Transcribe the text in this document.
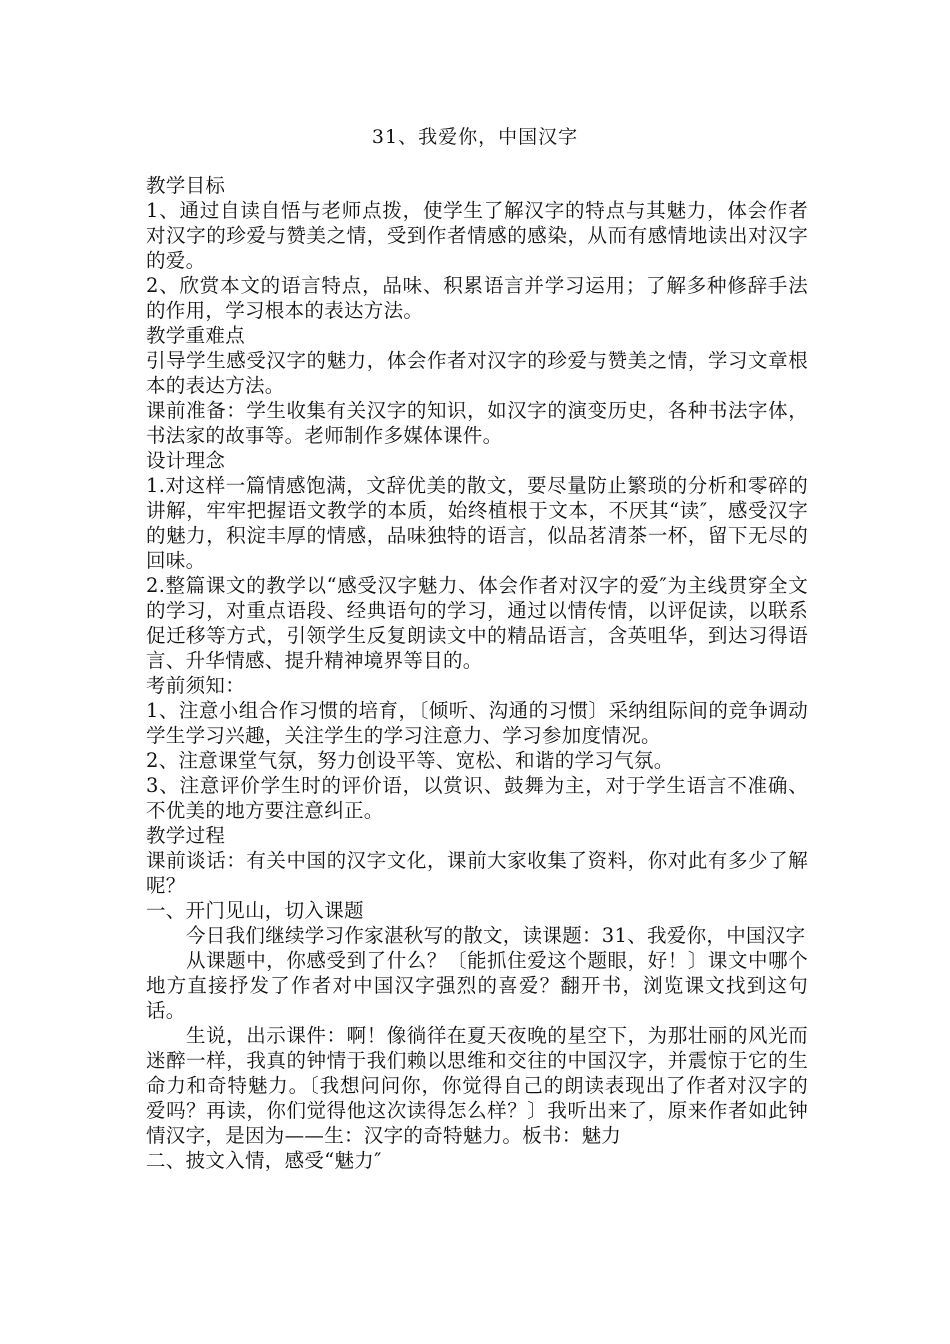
31、我爱你，中国汉字

教学目标

1、通过自读自悟与老师点拨，使学生了解汉字的特点与其魅力，体会作者对汉字的珍爱与赞美之情，受到作者情感的感染，从而有感情地读出对汉字的爱。

2、欣赏本文的语言特点，品味、积累语言并学习运用；了解多种修辞手法的作用，学习根本的表达方法。

教学重难点

引导学生感受汉字的魅力，体会作者对汉字的珍爱与赞美之情，学习文章根本的表达方法。

课前准备：学生收集有关汉字的知识，如汉字的演变历史，各种书法字体，书法家的故事等。老师制作多媒体课件。

设计理念

1.对这样一篇情感饱满，文辞优美的散文，要尽量防止繁琐的分析和零碎的讲解，牢牢把握语文教学的本质，始终植根于文本，不厌其“读″，感受汉字的魅力，积淀丰厚的情感，品味独特的语言，似品茗清茶一杯，留下无尽的回味。

2.整篇课文的教学以“感受汉字魅力、体会作者对汉字的爱″为主线贯穿全文的学习，对重点语段、经典语句的学习，通过以情传情，以评促读，以联系促迁移等方式，引领学生反复朗读文中的精品语言，含英咀华，到达习得语言、升华情感、提升精神境界等目的。

考前须知：

1、注意小组合作习惯的培育，〔倾听、沟通的习惯〕采纳组际间的竞争调动学生学习兴趣，关注学生的学习注意力、学习参加度情况。

2、注意课堂气氛，努力创设平等、宽松、和谐的学习气氛。

3、注意评价学生时的评价语，以赏识、鼓舞为主，对于学生语言不准确、不优美的地方要注意纠正。

教学过程

课前谈话：有关中国的汉字文化，课前大家收集了资料，你对此有多少了解呢？

一、开门见山，切入课题

今日我们继续学习作家湛秋写的散文，读课题：31、我爱你，中国汉字

从课题中，你感受到了什么？〔能抓住爱这个题眼，好！〕课文中哪个地方直接抒发了作者对中国汉字强烈的喜爱？翻开书，浏览课文找到这句话。

生说，出示课件：啊！像徜徉在夏天夜晚的星空下，为那壮丽的风光而迷醉一样，我真的钟情于我们赖以思维和交往的中国汉字，并震惊于它的生命力和奇特魅力。〔我想问问你，你觉得自己的朗读表现出了作者对汉字的爱吗？再读，你们觉得他这次读得怎么样？〕我听出来了，原来作者如此钟情汉字，是因为——生：汉字的奇特魅力。板书：魅力

二、披文入情，感受“魅力″
